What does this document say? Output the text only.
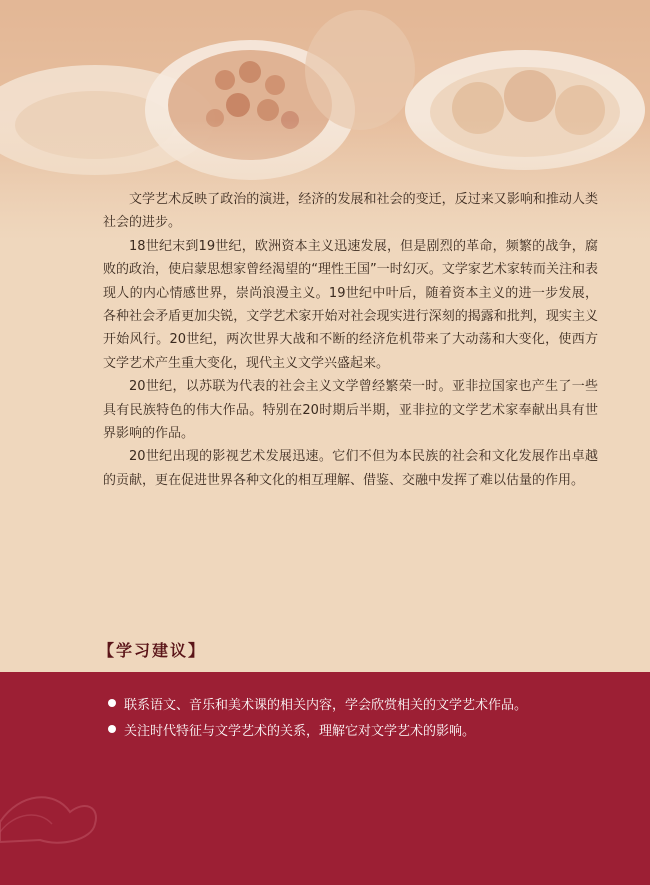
文学艺术反映了政治的演进，经济的发展和社会的变迁，反过来又影响和推动人类社会的进步。

18世纪末到19世纪，欧洲资本主义迅速发展，但是剧烈的革命，频繁的战争，腐败的政治，使启蒙思想家曾经渴望的“理性王国”一时幻灭。文学家艺术家转而关注和表现人的内心情感世界，崇尚浪漫主义。19世纪中叶后，随着资本主义的进一步发展，各种社会矛盾更加尖锐，文学艺术家开始对社会现实进行深刻的揭露和批判，现实主义开始风行。20世纪，两次世界大战和不断的经济危机带来了大动荡和大变化，使西方文学艺术产生重大变化，现代主义文学兴盛起来。

20世纪，以苏联为代表的社会主义文学曾经繁荣一时。亚非拉国家也产生了一些具有民族特色的伟大作品。特别在20时期后半期，亚非拉的文学艺术家奉献出具有世界影响的作品。

20世纪出现的影视艺术发展迅速。它们不但为本民族的社会和文化发展作出卓越的贡献，更在促进世界各种文化的相互理解、借鉴、交融中发挥了难以估量的作用。

【学习建议】
联系语文、音乐和美术课的相关内容，学会欣赏相关的文学艺术作品。
关注时代特征与文学艺术的关系，理解它对文学艺术的影响。
